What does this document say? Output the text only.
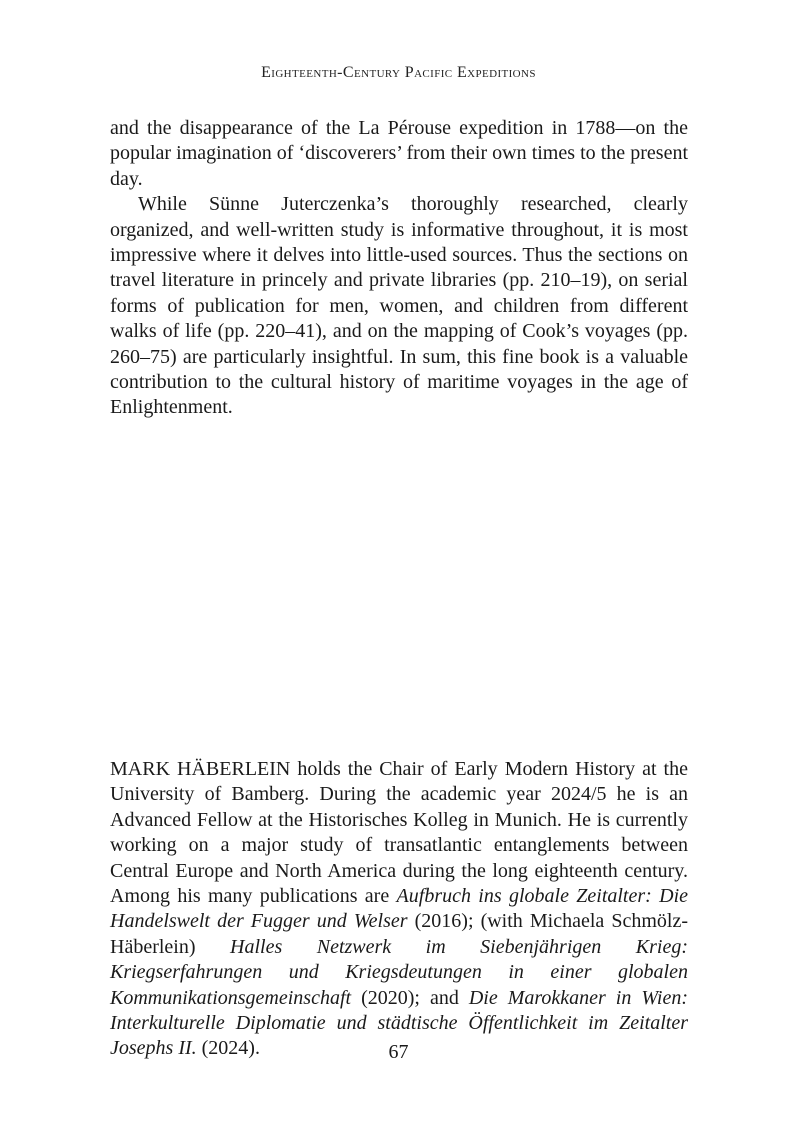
Eighteenth-Century Pacific Expeditions

and the disappearance of the La Pérouse expedition in 1788—on the popular imagination of ‘discoverers’ from their own times to the present day.

While Sünne Juterczenka’s thoroughly researched, clearly organized, and well-written study is informative throughout, it is most impressive where it delves into little-used sources. Thus the sections on travel literature in princely and private libraries (pp. 210–19), on serial forms of publication for men, women, and children from different walks of life (pp. 220–41), and on the mapping of Cook’s voyages (pp. 260–75) are particularly insightful. In sum, this fine book is a valuable contribution to the cultural history of maritime voyages in the age of Enlightenment.

MARK HÄBERLEIN holds the Chair of Early Modern History at the University of Bamberg. During the academic year 2024/5 he is an Advanced Fellow at the Historisches Kolleg in Munich. He is currently working on a major study of transatlantic entanglements between Central Europe and North America during the long eighteenth century. Among his many publications are Aufbruch ins globale Zeitalter: Die Handelswelt der Fugger und Welser (2016); (with Michaela Schmölz-Häberlein) Halles Netzwerk im Siebenjährigen Krieg: Kriegserfahrungen und Kriegsdeutungen in einer globalen Kommunikationsgemeinschaft (2020); and Die Marokkaner in Wien: Interkulturelle Diplomatie und städtische Öffentlichkeit im Zeitalter Josephs II. (2024).	67
